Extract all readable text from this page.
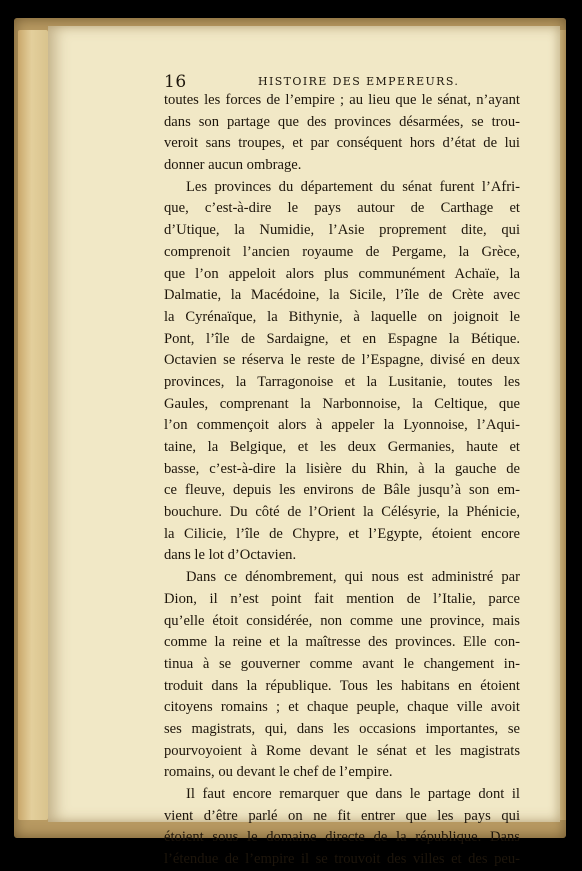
16	HISTOIRE DES EMPEREURS.
toutes les forces de l’empire ; au lieu que le sénat, n’ayant
dans son partage que des provinces désarmées, se trou-
veroit sans troupes, et par conséquent hors d’état de lui
donner aucun ombrage.
Les provinces du département du sénat furent l’Afri-
que, c’est-à-dire le pays autour de Carthage et
d’Utique, la Numidie, l’Asie proprement dite, qui
comprenoit l’ancien royaume de Pergame, la Grèce,
que l’on appeloit alors plus communément Achaïe, la
Dalmatie, la Macédoine, la Sicile, l’île de Crète avec
la Cyrénaïque, la Bithynie, à laquelle on joignoit le
Pont, l’île de Sardaigne, et en Espagne la Bétique.
Octavien se réserva le reste de l’Espagne, divisé en deux
provinces, la Tarragonoise et la Lusitanie, toutes les
Gaules, comprenant la Narbonnoise, la Celtique, que
l’on commençoit alors à appeler la Lyonnoise, l’Aqui-
taine, la Belgique, et les deux Germanies, haute et
basse, c’est-à-dire la lisière du Rhin, à la gauche de
ce fleuve, depuis les environs de Bâle jusqu’à son em-
bouchure. Du côté de l’Orient la Célésyrie, la Phénicie,
la Cilicie, l’île de Chypre, et l’Egypte, étoient encore
dans le lot d’Octavien.
Dans ce dénombrement, qui nous est administré par
Dion, il n’est point fait mention de l’Italie, parce
qu’elle étoit considérée, non comme une province, mais
comme la reine et la maîtresse des provinces. Elle con-
tinua à se gouverner comme avant le changement in-
troduit dans la république. Tous les habitans en étoient
citoyens romains ; et chaque peuple, chaque ville avoit
ses magistrats, qui, dans les occasions importantes, se
pourvoyoient à Rome devant le sénat et les magistrats
romains, ou devant le chef de l’empire.
Il faut encore remarquer que dans le partage dont il
vient d’être parlé on ne fit entrer que les pays qui
étoient sous le domaine directe de la république. Dans
l’étendue de l’empire il se trouvoit des villes et des peu-
